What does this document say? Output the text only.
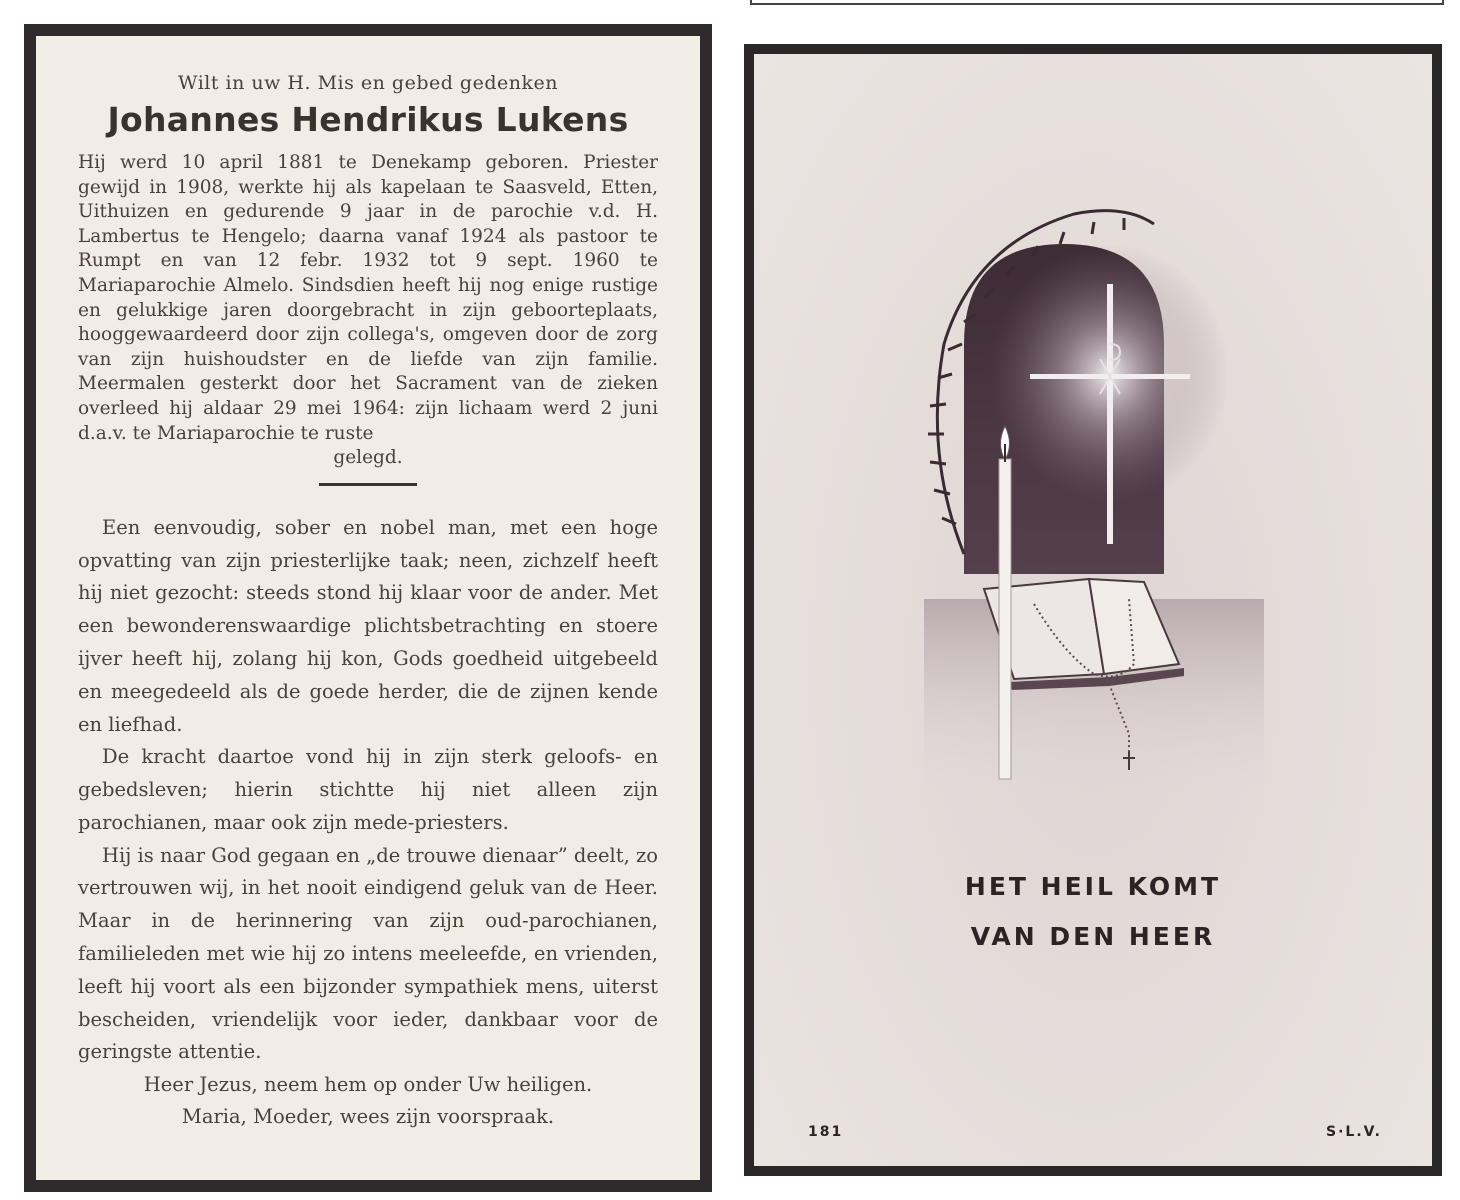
Wilt in uw H. Mis en gebed gedenken

Johannes Hendrikus Lukens
Hij werd 10 april 1881 te Denekamp geboren. Priester gewijd in 1908, werkte hij als kapelaan te Saasveld, Etten, Uithuizen en gedurende 9 jaar in de parochie v.d. H. Lambertus te Hengelo; daarna vanaf 1924 als pastoor te Rumpt en van 12 febr. 1932 tot 9 sept. 1960 te Mariaparochie Almelo. Sindsdien heeft hij nog enige rustige en gelukkige jaren doorgebracht in zijn geboorteplaats, hooggewaardeerd door zijn collega's, omgeven door de zorg van zijn huishoudster en de liefde van zijn familie. Meermalen gesterkt door het Sacrament van de zieken overleed hij aldaar 29 mei 1964: zijn lichaam werd 2 juni d.a.v. te Mariaparochie te ruste
gelegd.

Een eenvoudig, sober en nobel man, met een hoge opvatting van zijn priesterlijke taak; neen, zichzelf heeft hij niet gezocht: steeds stond hij klaar voor de ander. Met een bewonderenswaardige plichtsbetrachting en stoere ijver heeft hij, zolang hij kon, Gods goedheid uitgebeeld en meegedeeld als de goede herder, die de zijnen kende en liefhad.

De kracht daartoe vond hij in zijn sterk geloofs- en gebedsleven; hierin stichtte hij niet alleen zijn parochianen, maar ook zijn mede-priesters.

Hij is naar God gegaan en „de trouwe dienaar” deelt, zo vertrouwen wij, in het nooit eindigend geluk van de Heer. Maar in de herinnering van zijn oud-parochianen, familieleden met wie hij zo intens meeleefde, en vrienden, leeft hij voort als een bijzonder sympathiek mens, uiterst bescheiden, vriendelijk voor ieder, dankbaar voor de geringste attentie.

Heer Jezus, neem hem op onder Uw heiligen.
Maria, Moeder, wees zijn voorspraak.
HET HEIL KOMT
VAN DEN HEER
181	S·L.V.
